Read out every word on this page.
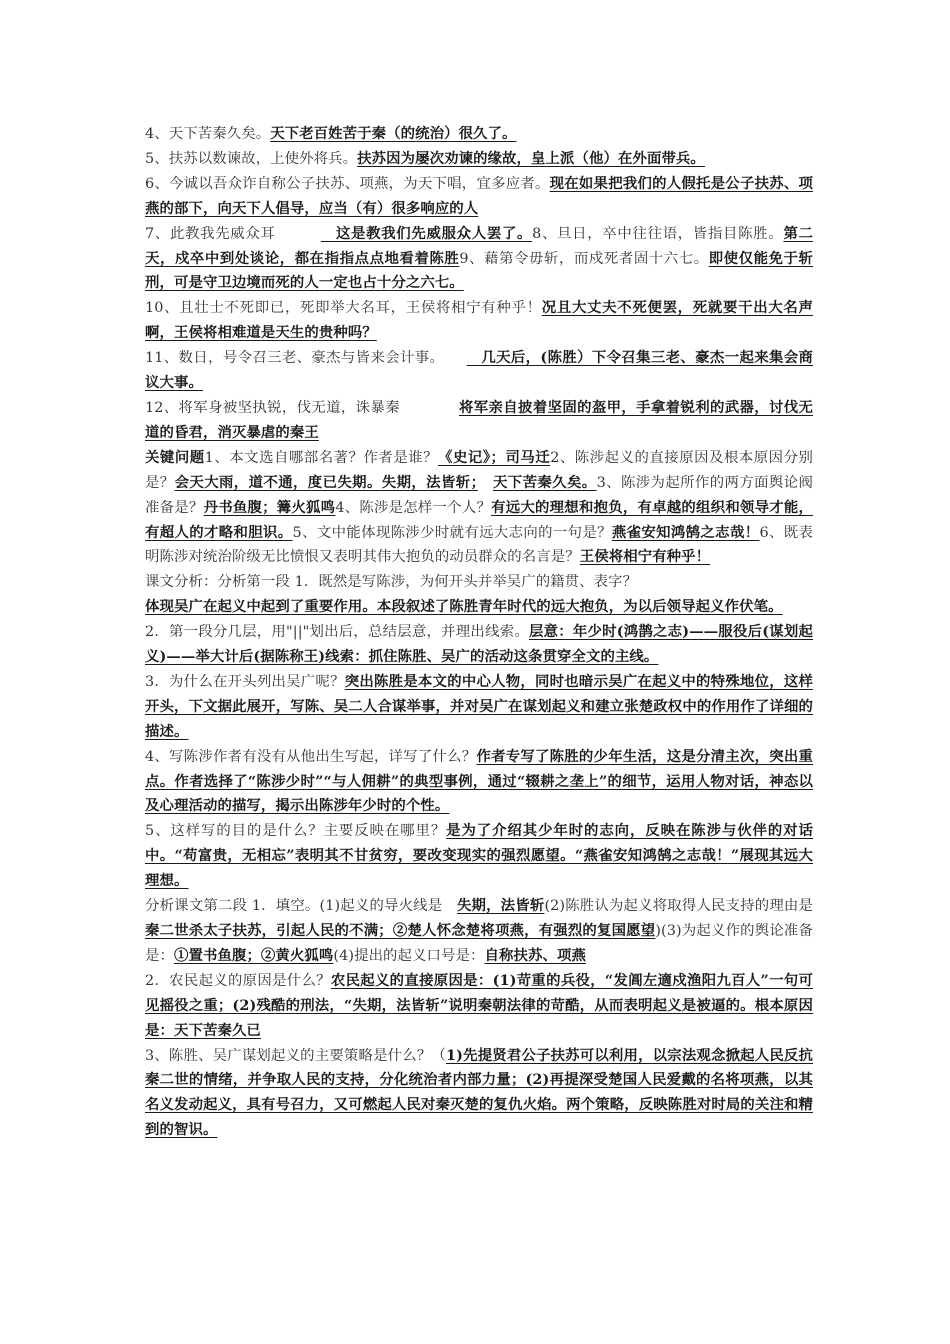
4、天下苦秦久矣。天下老百姓苦于秦（的统治）很久了。

5、扶苏以数谏故，上使外将兵。扶苏因为屡次劝谏的缘故，皇上派（他）在外面带兵。

6、今诚以吾众诈自称公子扶苏、项燕，为天下唱，宜多应者。现在如果把我们的人假托是公子扶苏、项燕的部下，向天下人倡导，应当（有）很多响应的人

7、此教我先威众耳　　　　这是教我们先威服众人罢了。8、旦日，卒中往往语，皆指目陈胜。第二天，戍卒中到处谈论，都在指指点点地看着陈胜9、藉第令毋斩，而戍死者固十六七。即使仅能免于斩刑，可是守卫边境而死的人一定也占十分之六七。

10、且壮士不死即已，死即举大名耳，王侯将相宁有种乎！况且大丈夫不死便罢，死就要干出大名声啊，王侯将相难道是天生的贵种吗？

11、数日，号令召三老、豪杰与皆来会计事。　　　几天后，(陈胜）下令召集三老、豪杰一起来集会商议大事。

12、将军身被坚执锐，伐无道，诛暴秦　　　　将军亲自披着坚固的盔甲，手拿着锐利的武器，讨伐无道的昏君，消灭暴虐的秦王

关键问题1、本文选自哪部名著？作者是谁？《史记》；司马迁2、陈涉起义的直接原因及根本原因分别是？会天大雨，道不通，度已失期。失期，法皆斩；　 天下苦秦久矣。3、陈涉为起所作的两方面舆论阀准备是？丹书鱼腹；篝火狐鸣4、陈涉是怎样一个人？有远大的理想和抱负，有卓越的组织和领导才能，有超人的才略和胆识。5、文中能体现陈涉少时就有远大志向的一句是？燕雀安知鸿鹄之志哉！6、既表明陈涉对统治阶级无比愤恨又表明其伟大抱负的动员群众的名言是？王侯将相宁有种乎！

课文分析：分析第一段 1．既然是写陈涉，为何开头并举吴广的籍贯、表字？

体现吴广在起义中起到了重要作用。本段叙述了陈胜青年时代的远大抱负，为以后领导起义作伏笔。

2．第一段分几层，用"||"划出后，总结层意，并理出线索。层意：年少时(鸿鹊之志)——服役后(谋划起义)——举大计后(据陈称王)线索：抓住陈胜、吴广的活动这条贯穿全文的主线。

3．为什么在开头列出吴广呢？突出陈胜是本文的中心人物，同时也暗示吴广在起义中的特殊地位，这样开头，下文据此展开，写陈、吴二人合谋举事，并对吴广在谋划起义和建立张楚政权中的作用作了详细的描述。

4、写陈涉作者有没有从他出生写起，详写了什么？作者专写了陈胜的少年生活，这是分清主次，突出重点。作者选择了“陈涉少时”“与人佣耕”的典型事例，通过“辍耕之垄上”的细节，运用人物对话，神态以及心理活动的描写，揭示出陈涉年少时的个性。

5、这样写的目的是什么？主要反映在哪里？是为了介绍其少年时的志向，反映在陈涉与伙伴的对话中。“苟富贵，无相忘”表明其不甘贫穷，要改变现实的强烈愿望。“燕雀安知鸿鹄之志哉！”展现其远大理想。

分析课文第二段 1．填空。(1)起义的导火线是　失期，法皆斩(2)陈胜认为起义将取得人民支持的理由是秦二世杀太子扶苏，引起人民的不满；②楚人怀念楚将项燕，有强烈的复国愿望)(3)为起义作的舆论准备是：①置书鱼腹；②黄火狐鸣(4)提出的起义口号是：自称扶苏、项燕

2．农民起义的原因是什么？农民起义的直接原因是：(1)苛重的兵役，“发阊左適戍渔阳九百人”一句可见摇役之重；(2)残酷的刑法，“失期，法皆斩”说明秦朝法律的苛酷，从而表明起义是被逼的。根本原因是：天下苦秦久已

3、陈胜、吴广谋划起义的主要策略是什么？（1)先提贤君公子扶苏可以利用，以宗法观念掀起人民反抗秦二世的情绪，并争取人民的支持，分化统治者内部力量；(2)再提深受楚国人民爱戴的名将项燕，以其名义发动起义，具有号召力，又可燃起人民对秦灭楚的复仇火焰。两个策略，反映陈胜对时局的关注和精到的智识。
